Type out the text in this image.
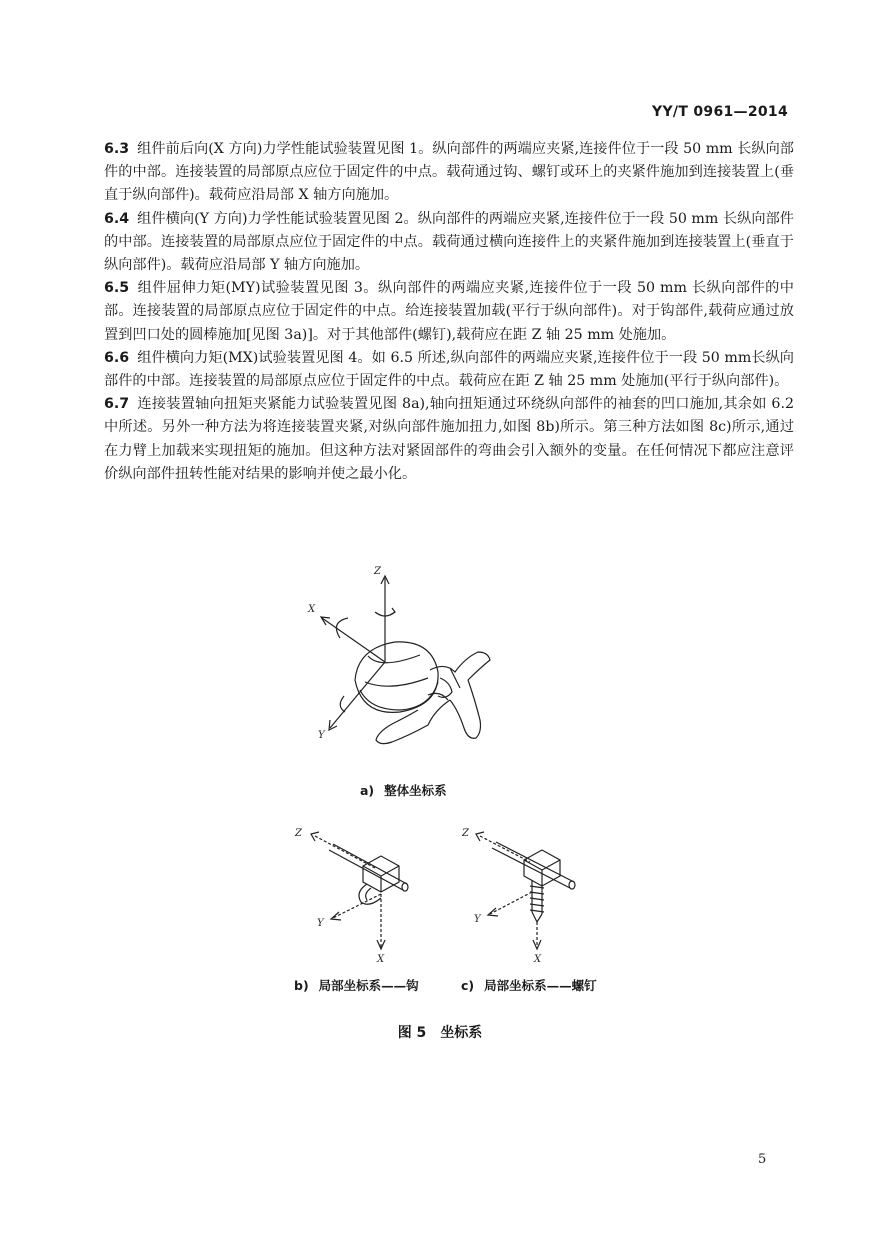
YY/T 0961—2014

6.3 组件前后向(X 方向)力学性能试验装置见图 1。纵向部件的两端应夹紧,连接件位于一段 50 mm 长纵向部件的中部。连接装置的局部原点应位于固定件的中点。载荷通过钩、螺钉或环上的夹紧件施加到连接装置上(垂直于纵向部件)。载荷应沿局部 X 轴方向施加。

6.4 组件横向(Y 方向)力学性能试验装置见图 2。纵向部件的两端应夹紧,连接件位于一段 50 mm 长纵向部件的中部。连接装置的局部原点应位于固定件的中点。载荷通过横向连接件上的夹紧件施加到连接装置上(垂直于纵向部件)。载荷应沿局部 Y 轴方向施加。

6.5 组件屈伸力矩(MY)试验装置见图 3。纵向部件的两端应夹紧,连接件位于一段 50 mm 长纵向部件的中部。连接装置的局部原点应位于固定件的中点。给连接装置加载(平行于纵向部件)。对于钩部件,载荷应通过放置到凹口处的圆棒施加[见图 3a)]。对于其他部件(螺钉),载荷应在距 Z 轴 25 mm 处施加。

6.6 组件横向力矩(MX)试验装置见图 4。如 6.5 所述,纵向部件的两端应夹紧,连接件位于一段 50 mm长纵向部件的中部。连接装置的局部原点应位于固定件的中点。载荷应在距 Z 轴 25 mm 处施加(平行于纵向部件)。

6.7 连接装置轴向扭矩夹紧能力试验装置见图 8a),轴向扭矩通过环绕纵向部件的袖套的凹口施加,其余如 6.2 中所述。另外一种方法为将连接装置夹紧,对纵向部件施加扭力,如图 8b)所示。第三种方法如图 8c)所示,通过在力臂上加载来实现扭矩的施加。但这种方法对紧固部件的弯曲会引入额外的变量。在任何情况下都应注意评价纵向部件扭转性能对结果的影响并使之最小化。

Z
X
Y
a) 整体坐标系
Z
Y
X
b) 局部坐标系——钩
Z
Y
X
c) 局部坐标系——螺钉
图 5 坐标系
5
